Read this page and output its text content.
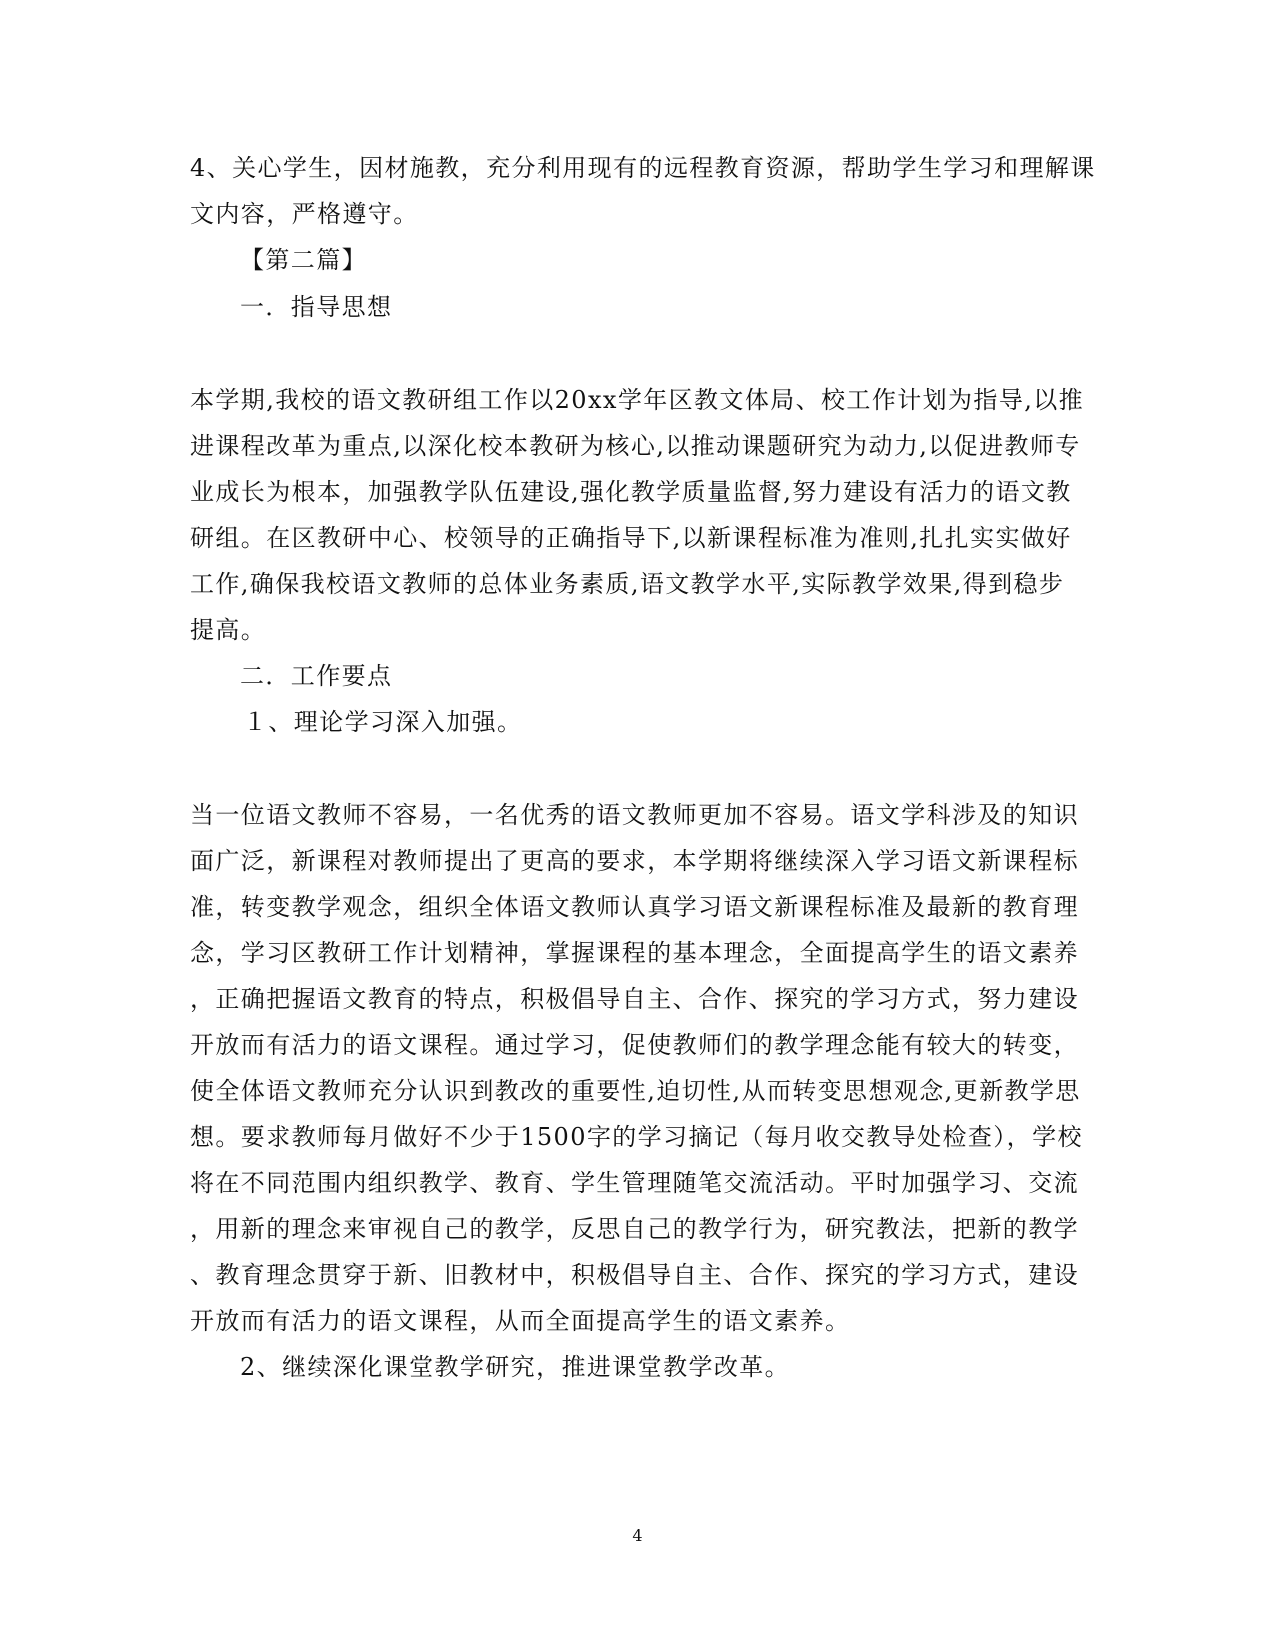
4、关心学生，因材施教，充分利用现有的远程教育资源，帮助学生学习和理解课
文内容，严格遵守。
【第二篇】
一．指导思想
本学期,我校的语文教研组工作以20xx学年区教文体局、校工作计划为指导,以推
进课程改革为重点,以深化校本教研为核心,以推动课题研究为动力,以促进教师专
业成长为根本，加强教学队伍建设,强化教学质量监督,努力建设有活力的语文教
研组。在区教研中心、校领导的正确指导下,以新课程标准为准则,扎扎实实做好
工作,确保我校语文教师的总体业务素质,语文教学水平,实际教学效果,得到稳步
提高。
二．工作要点
１、理论学习深入加强。
当一位语文教师不容易，一名优秀的语文教师更加不容易。语文学科涉及的知识
面广泛，新课程对教师提出了更高的要求，本学期将继续深入学习语文新课程标
准，转变教学观念，组织全体语文教师认真学习语文新课程标准及最新的教育理
念，学习区教研工作计划精神，掌握课程的基本理念，全面提高学生的语文素养
，正确把握语文教育的特点，积极倡导自主、合作、探究的学习方式，努力建设
开放而有活力的语文课程。通过学习，促使教师们的教学理念能有较大的转变，
使全体语文教师充分认识到教改的重要性,迫切性,从而转变思想观念,更新教学思
想。要求教师每月做好不少于1500字的学习摘记（每月收交教导处检查），学校
将在不同范围内组织教学、教育、学生管理随笔交流活动。平时加强学习、交流
，用新的理念来审视自己的教学，反思自己的教学行为，研究教法，把新的教学
、教育理念贯穿于新、旧教材中，积极倡导自主、合作、探究的学习方式，建设
开放而有活力的语文课程，从而全面提高学生的语文素养。
2、继续深化课堂教学研究，推进课堂教学改革。
4
